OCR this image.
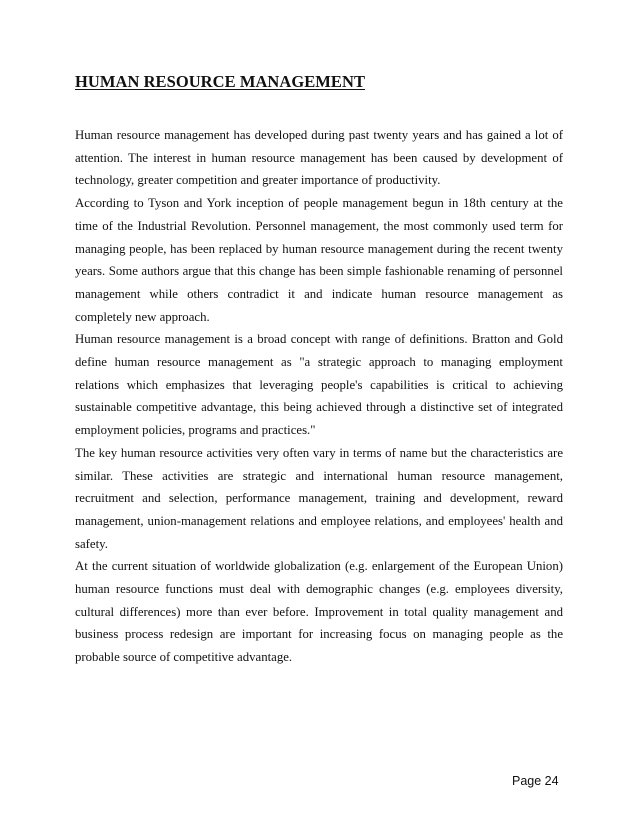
HUMAN RESOURCE MANAGEMENT

Human resource management has developed during past twenty years and has gained a lot of attention. The interest in human resource management has been caused by development of technology, greater competition and greater importance of productivity.

According to Tyson and York inception of people management begun in 18th century at the time of the Industrial Revolution. Personnel management, the most commonly used term for managing people, has been replaced by human resource management during the recent twenty years. Some authors argue that this change has been simple fashionable renaming of personnel management while others contradict it and indicate human resource management as completely new approach.

Human resource management is a broad concept with range of definitions. Bratton and Gold define human resource management as "a strategic approach to managing employment relations which emphasizes that leveraging people's capabilities is critical to achieving sustainable competitive advantage, this being achieved through a distinctive set of integrated employment policies, programs and practices."

The key human resource activities very often vary in terms of name but the characteristics are similar. These activities are strategic and international human resource management, recruitment and selection, performance management, training and development, reward management, union-management relations and employee relations, and employees' health and safety.

At the current situation of worldwide globalization (e.g. enlargement of the European Union) human resource functions must deal with demographic changes (e.g. employees diversity, cultural differences) more than ever before. Improvement in total quality management and business process redesign are important for increasing focus on managing people as the probable source of competitive advantage.

Page 24
